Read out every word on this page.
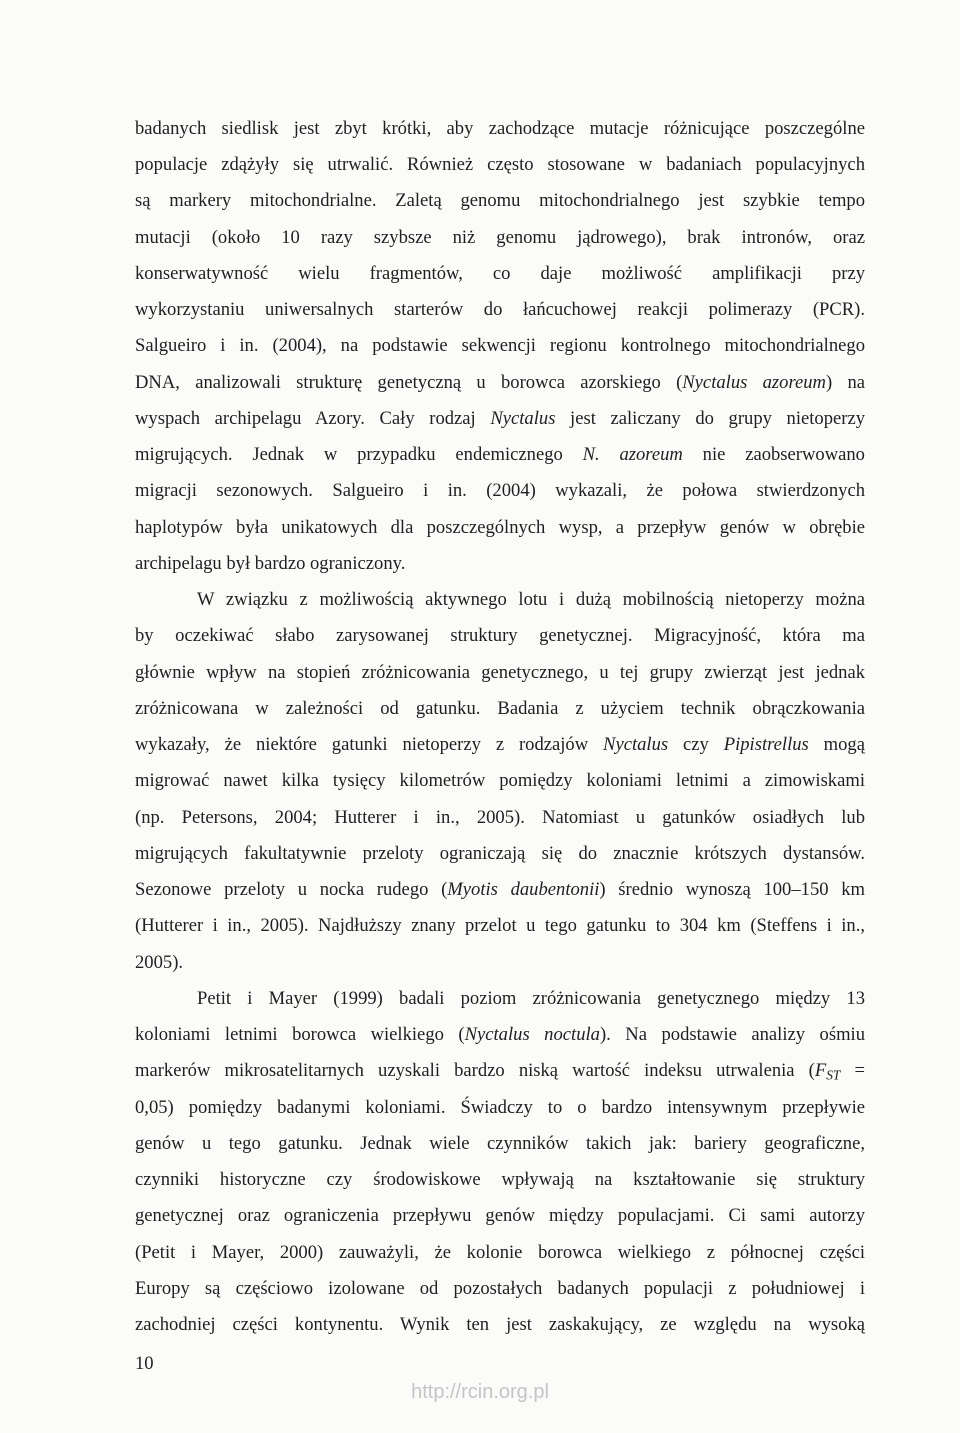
badanych siedlisk jest zbyt krótki, aby zachodzące mutacje różnicujące poszczególne
populacje zdążyły się utrwalić. Również często stosowane w badaniach populacyjnych
są markery mitochondrialne. Zaletą genomu mitochondrialnego jest szybkie tempo
mutacji (około 10 razy szybsze niż genomu jądrowego), brak intronów, oraz
konserwatywność wielu fragmentów, co daje możliwość amplifikacji przy
wykorzystaniu uniwersalnych starterów do łańcuchowej reakcji polimerazy (PCR).
Salgueiro i in. (2004), na podstawie sekwencji regionu kontrolnego mitochondrialnego
DNA, analizowali strukturę genetyczną u borowca azorskiego (Nyctalus azoreum) na
wyspach archipelagu Azory. Cały rodzaj Nyctalus jest zaliczany do grupy nietoperzy
migrujących. Jednak w przypadku endemicznego N. azoreum nie zaobserwowano
migracji sezonowych. Salgueiro i in. (2004) wykazali, że połowa stwierdzonych
haplotypów była unikatowych dla poszczególnych wysp, a przepływ genów w obrębie
archipelagu był bardzo ograniczony.
W związku z możliwością aktywnego lotu i dużą mobilnością nietoperzy można
by oczekiwać słabo zarysowanej struktury genetycznej. Migracyjność, która ma
głównie wpływ na stopień zróżnicowania genetycznego, u tej grupy zwierząt jest jednak
zróżnicowana w zależności od gatunku. Badania z użyciem technik obrączkowania
wykazały, że niektóre gatunki nietoperzy z rodzajów Nyctalus czy Pipistrellus mogą
migrować nawet kilka tysięcy kilometrów pomiędzy koloniami letnimi a zimowiskami
(np. Petersons, 2004; Hutterer i in., 2005). Natomiast u gatunków osiadłych lub
migrujących fakultatywnie przeloty ograniczają się do znacznie krótszych dystansów.
Sezonowe przeloty u nocka rudego (Myotis daubentonii) średnio wynoszą 100–150 km
(Hutterer i in., 2005). Najdłuższy znany przelot u tego gatunku to 304 km (Steffens i in.,
2005).
Petit i Mayer (1999) badali poziom zróżnicowania genetycznego między 13
koloniami letnimi borowca wielkiego (Nyctalus noctula). Na podstawie analizy ośmiu
markerów mikrosatelitarnych uzyskali bardzo niską wartość indeksu utrwalenia ($F_{ST}$ =
0,05) pomiędzy badanymi koloniami. Świadczy to o bardzo intensywnym przepływie
genów u tego gatunku. Jednak wiele czynników takich jak: bariery geograficzne,
czynniki historyczne czy środowiskowe wpływają na kształtowanie się struktury
genetycznej oraz ograniczenia przepływu genów między populacjami. Ci sami autorzy
(Petit i Mayer, 2000) zauważyli, że kolonie borowca wielkiego z północnej części
Europy są częściowo izolowane od pozostałych badanych populacji z południowej i
zachodniej części kontynentu. Wynik ten jest zaskakujący, ze względu na wysoką
10
http://rcin.org.pl
